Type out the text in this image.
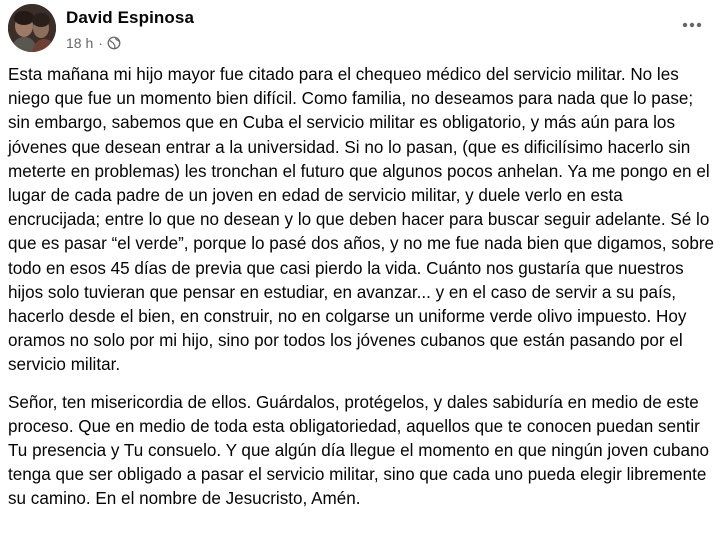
David Espinosa
18 h ·

Esta mañana mi hijo mayor fue citado para el chequeo médico del servicio militar. No les niego que fue un momento bien difícil. Como familia, no deseamos para nada que lo pase; sin embargo, sabemos que en Cuba el servicio militar es obligatorio, y más aún para los jóvenes que desean entrar a la universidad. Si no lo pasan, (que es dificilísimo hacerlo sin meterte en problemas) les tronchan el futuro que algunos pocos anhelan. Ya me pongo en el lugar de cada padre de un joven en edad de servicio militar, y duele verlo en esta encrucijada; entre lo que no desean y lo que deben hacer para buscar seguir adelante. Sé lo que es pasar “el verde”, porque lo pasé dos años, y no me fue nada bien que digamos, sobre todo en esos 45 días de previa que casi pierdo la vida. Cuánto nos gustaría que nuestros hijos solo tuvieran que pensar en estudiar, en avanzar... y en el caso de servir a su país, hacerlo desde el bien, en construir, no en colgarse un uniforme verde olivo impuesto. Hoy oramos no solo por mi hijo, sino por todos los jóvenes cubanos que están pasando por el servicio militar.

Señor, ten misericordia de ellos. Guárdalos, protégelos, y dales sabiduría en medio de este proceso. Que en medio de toda esta obligatoriedad, aquellos que te conocen puedan sentir Tu presencia y Tu consuelo. Y que algún día llegue el momento en que ningún joven cubano tenga que ser obligado a pasar el servicio militar, sino que cada uno pueda elegir libremente su camino. En el nombre de Jesucristo, Amén.
